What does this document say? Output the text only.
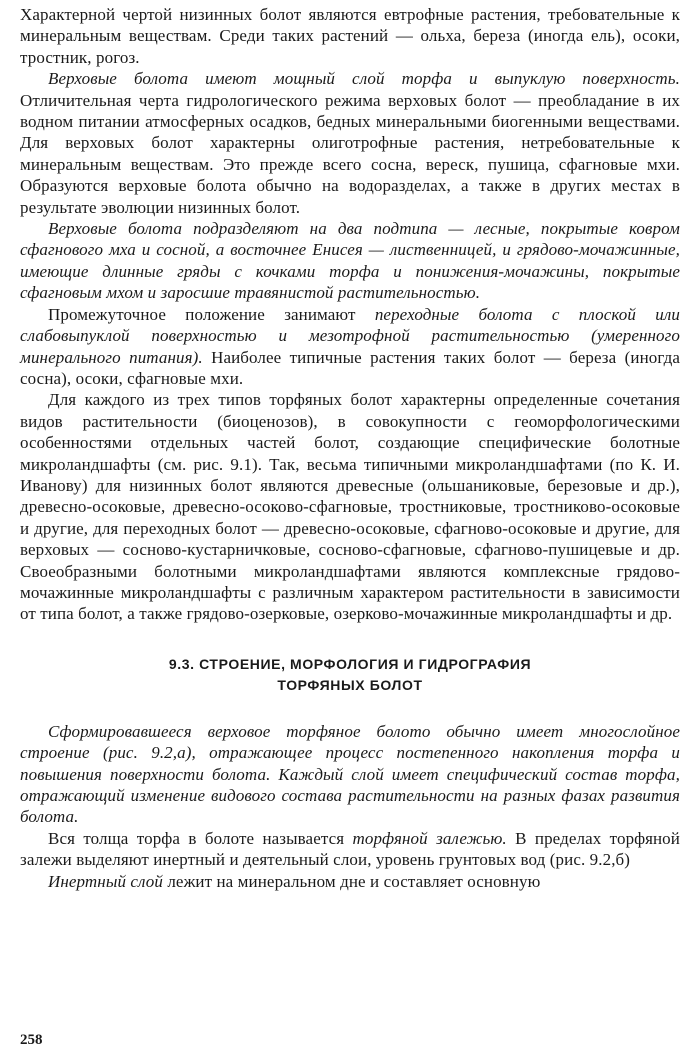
Характерной чертой низинных болот являются евтрофные растения, требовательные к минеральным веществам. Среди таких растений — ольха, береза (иногда ель), осоки, тростник, рогоз.

Верховые болота имеют мощный слой торфа и выпуклую поверхность. Отличительная черта гидрологического режима верховых болот — преобладание в их водном питании атмосферных осадков, бедных минеральными биогенными веществами. Для верховых болот характерны олиготрофные растения, нетребовательные к минеральным веществам. Это прежде всего сосна, вереск, пушица, сфагновые мхи. Образуются верховые болота обычно на водоразделах, а также в других местах в результате эволюции низинных болот.

Верховые болота подразделяют на два подтипа — лесные, покрытые ковром сфагнового мха и сосной, а восточнее Енисея — лиственницей, и грядово-мочажинные, имеющие длинные гряды с кочками торфа и понижения-мочажины, покрытые сфагновым мхом и заросшие травянистой растительностью.

Промежуточное положение занимают переходные болота с плоской или слабовыпуклой поверхностью и мезотрофной растительностью (умеренного минерального питания). Наиболее типичные растения таких болот — береза (иногда сосна), осоки, сфагновые мхи.

Для каждого из трех типов торфяных болот характерны определенные сочетания видов растительности (биоценозов), в совокупности с геоморфологическими особенностями отдельных частей болот, создающие специфические болотные микроландшафты (см. рис. 9.1). Так, весьма типичными микроландшафтами (по К. И. Иванову) для низинных болот являются древесные (ольшаниковые, березовые и др.), древесно-осоковые, древесно-осоково-сфагновые, тростниковые, тростниково-осоковые и другие, для переходных болот — древесно-осоковые, сфагново-осоковые и другие, для верховых — сосново-кустарничковые, сосново-сфагновые, сфагново-пушицевые и др. Своеобразными болотными микроландшафтами являются комплексные грядово-мочажинные микроландшафты с различным характером растительности в зависимости от типа болот, а также грядово-озерковые, озерково-мочажинные микроландшафты и др.

9.3. СТРОЕНИЕ, МОРФОЛОГИЯ И ГИДРОГРАФИЯ
ТОРФЯНЫХ БОЛОТ

Сформировавшееся верховое торфяное болото обычно имеет многослойное строение (рис. 9.2,а), отражающее процесс постепенного накопления торфа и повышения поверхности болота. Каждый слой имеет специфический состав торфа, отражающий изменение видового состава растительности на разных фазах развития болота.

Вся толща торфа в болоте называется торфяной залежью. В пределах торфяной залежи выделяют инертный и деятельный слои, уровень грунтовых вод (рис. 9.2,б)

Инертный слой лежит на минеральном дне и составляет основную

258
